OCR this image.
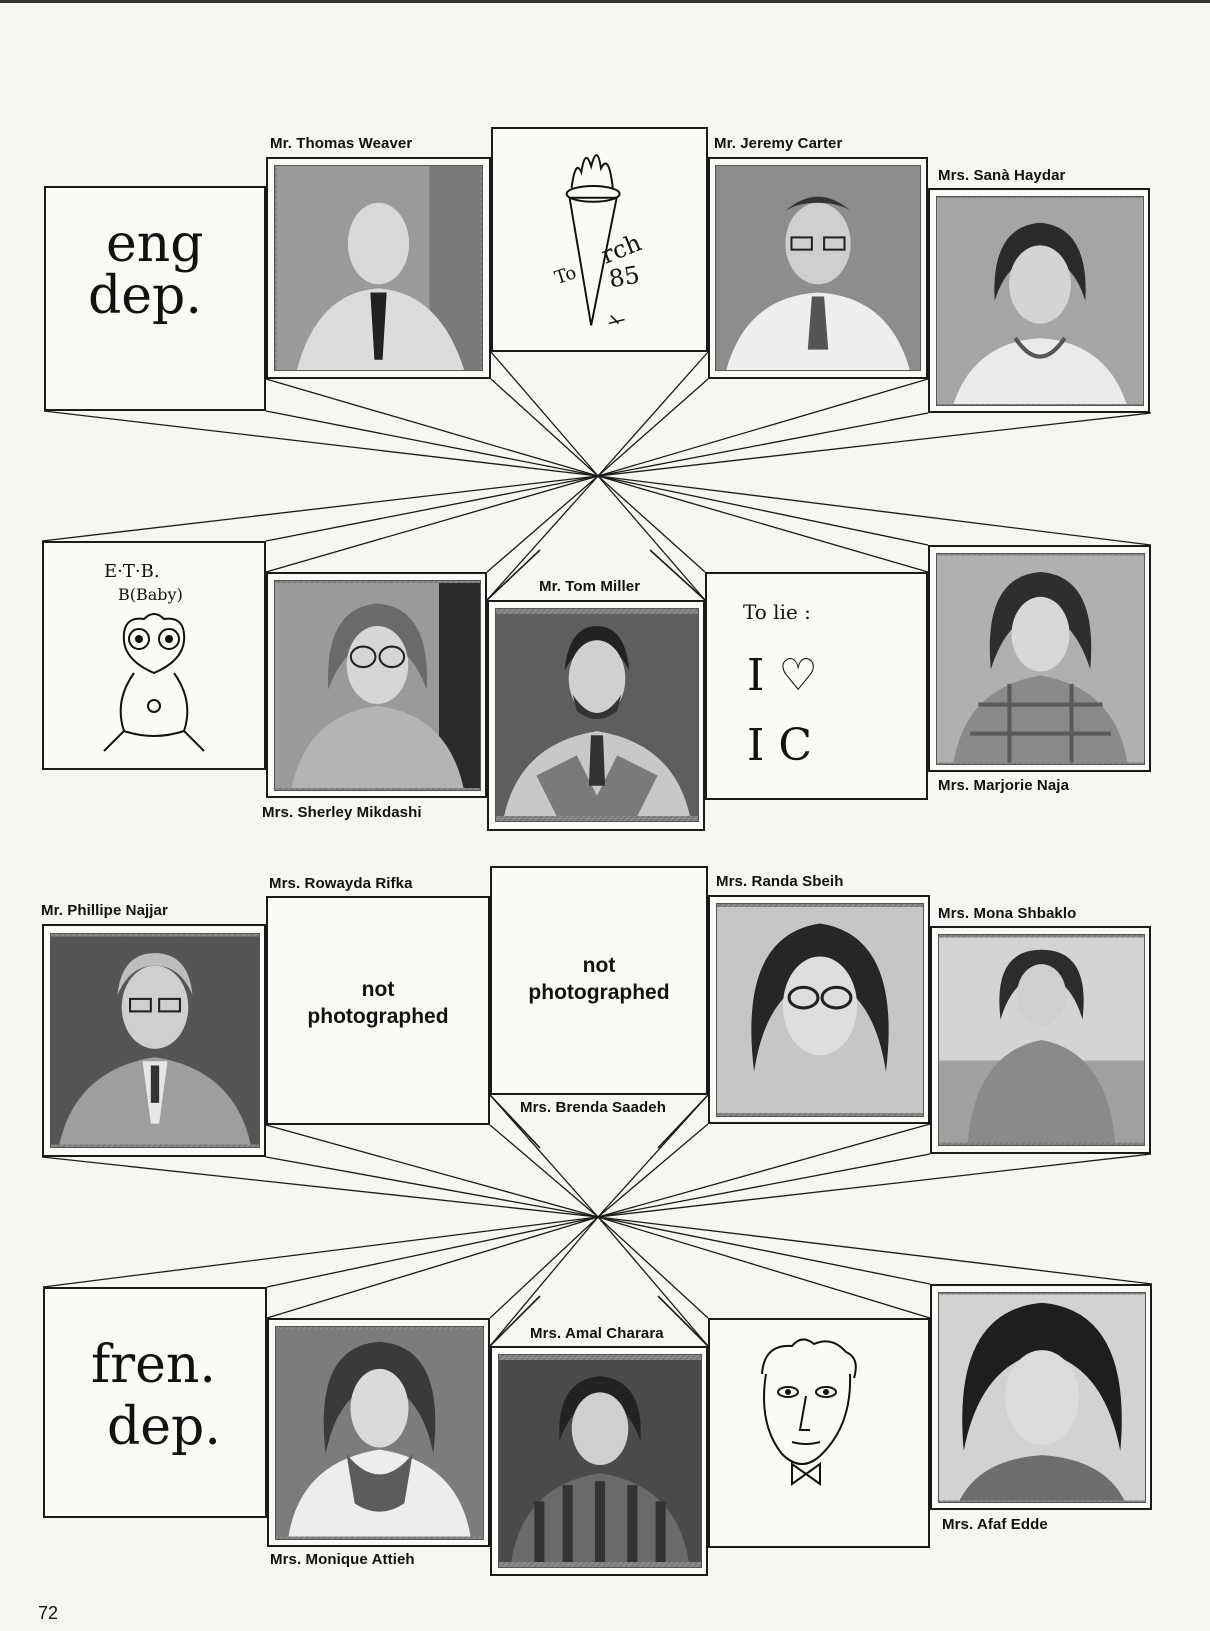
eng
dep.
Mr. Thomas Weaver
To
rch
85
Mr. Jeremy Carter
Mrs. Sanà Haydar
E·T·B.
B(Baby)
Mrs. Sherley Mikdashi
Mr. Tom Miller
To lie :
I ♡
I C
Mrs. Marjorie Naja
Mr. Phillipe Najjar
Mrs. Rowayda Rifka
not
photographed
not
photographed
Mrs. Brenda Saadeh
Mrs. Randa Sbeih
Mrs. Mona Shbaklo
fren.
dep.
Mrs. Monique Attieh
Mrs. Amal Charara
Mrs. Afaf Edde
72
